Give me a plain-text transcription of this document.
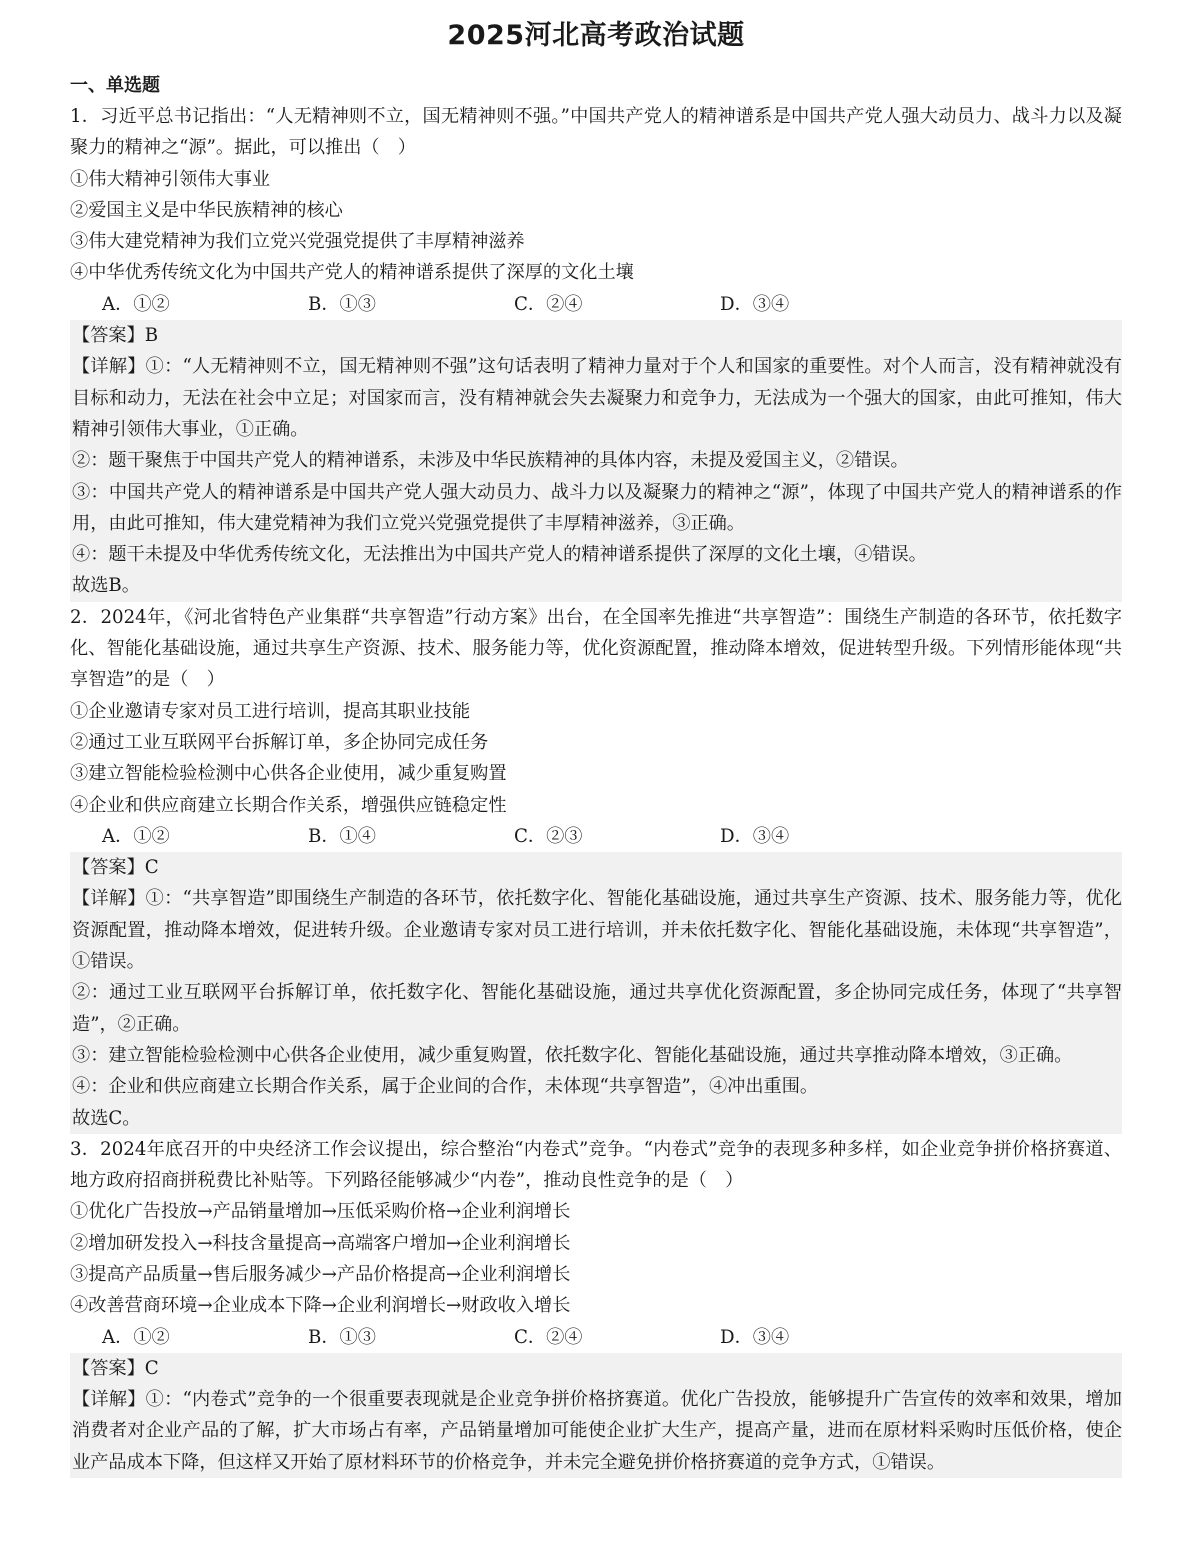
2025河北高考政治试题
一、单选题
1．习近平总书记指出：“人无精神则不立，国无精神则不强。”中国共产党人的精神谱系是中国共产党人强大动员力、战斗力以及凝聚力的精神之“源”。据此，可以推出（　）
①伟大精神引领伟大事业
②爱国主义是中华民族精神的核心
③伟大建党精神为我们立党兴党强党提供了丰厚精神滋养
④中华优秀传统文化为中国共产党人的精神谱系提供了深厚的文化土壤
A．①②	B．①③	C．②④	D．③④
【答案】B
【详解】①：“人无精神则不立，国无精神则不强”这句话表明了精神力量对于个人和国家的重要性。对个人而言，没有精神就没有目标和动力，无法在社会中立足；对国家而言，没有精神就会失去凝聚力和竞争力，无法成为一个强大的国家，由此可推知，伟大精神引领伟大事业，①正确。
②：题干聚焦于中国共产党人的精神谱系，未涉及中华民族精神的具体内容，未提及爱国主义，②错误。
③：中国共产党人的精神谱系是中国共产党人强大动员力、战斗力以及凝聚力的精神之“源”，体现了中国共产党人的精神谱系的作用，由此可推知，伟大建党精神为我们立党兴党强党提供了丰厚精神滋养，③正确。
④：题干未提及中华优秀传统文化，无法推出为中国共产党人的精神谱系提供了深厚的文化土壤，④错误。
故选B。
2．2024年，《河北省特色产业集群“共享智造”行动方案》出台，在全国率先推进“共享智造”：围绕生产制造的各环节，依托数字化、智能化基础设施，通过共享生产资源、技术、服务能力等，优化资源配置，推动降本增效，促进转型升级。下列情形能体现“共享智造”的是（　）
①企业邀请专家对员工进行培训，提高其职业技能
②通过工业互联网平台拆解订单，多企协同完成任务
③建立智能检验检测中心供各企业使用，减少重复购置
④企业和供应商建立长期合作关系，增强供应链稳定性
A．①②	B．①④	C．②③	D．③④
【答案】C
【详解】①：“共享智造”即围绕生产制造的各环节，依托数字化、智能化基础设施，通过共享生产资源、技术、服务能力等，优化资源配置，推动降本增效，促进转升级。企业邀请专家对员工进行培训，并未依托数字化、智能化基础设施，未体现“共享智造”，①错误。
②：通过工业互联网平台拆解订单，依托数字化、智能化基础设施，通过共享优化资源配置，多企协同完成任务，体现了“共享智造”，②正确。
③：建立智能检验检测中心供各企业使用，减少重复购置，依托数字化、智能化基础设施，通过共享推动降本增效，③正确。
④：企业和供应商建立长期合作关系，属于企业间的合作，未体现“共享智造”，④冲出重围。
故选C。
3．2024年底召开的中央经济工作会议提出，综合整治“内卷式”竞争。“内卷式”竞争的表现多种多样，如企业竞争拼价格挤赛道、地方政府招商拼税费比补贴等。下列路径能够减少“内卷”，推动良性竞争的是（　）
①优化广告投放→产品销量增加→压低采购价格→企业利润增长
②增加研发投入→科技含量提高→高端客户增加→企业利润增长
③提高产品质量→售后服务减少→产品价格提高→企业利润增长
④改善营商环境→企业成本下降→企业利润增长→财政收入增长
A．①②	B．①③	C．②④	D．③④
【答案】C
【详解】①：“内卷式”竞争的一个很重要表现就是企业竞争拼价格挤赛道。优化广告投放，能够提升广告宣传的效率和效果，增加消费者对企业产品的了解，扩大市场占有率，产品销量增加可能使企业扩大生产，提高产量，进而在原材料采购时压低价格，使企业产品成本下降，但这样又开始了原材料环节的价格竞争，并未完全避免拼价格挤赛道的竞争方式，①错误。
